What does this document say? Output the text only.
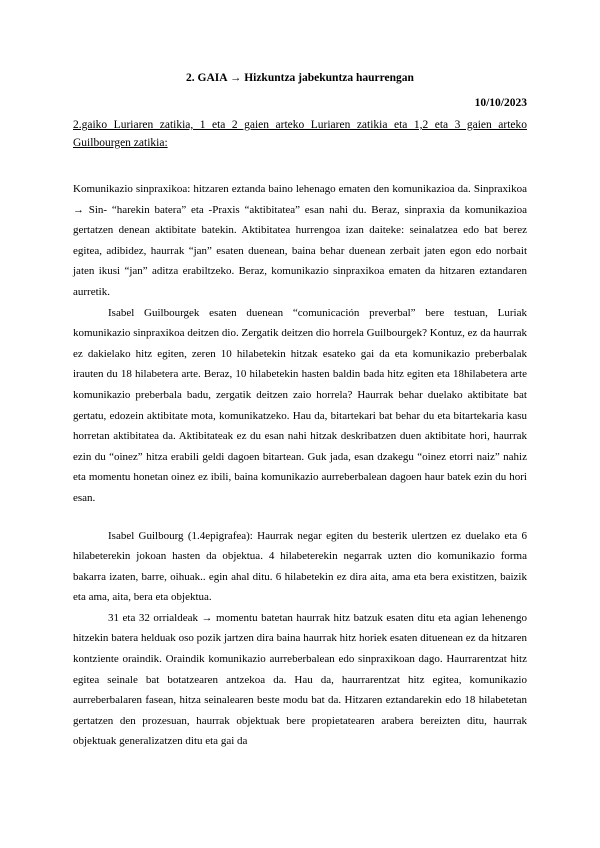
2. GAIA → Hizkuntza jabekuntza haurrengan

10/10/2023

2.gaiko Luriaren zatikia, 1 eta 2 gaien arteko Luriaren zatikia eta 1,2 eta 3 gaien arteko Guilbourgen zatikia:

Komunikazio sinpraxikoa: hitzaren eztanda baino lehenago ematen den komunikazioa da. Sinpraxikoa → Sin- “harekin batera” eta -Praxis “aktibitatea” esan nahi du. Beraz, sinpraxia da komunikazioa gertatzen denean aktibitate batekin. Aktibitatea hurrengoa izan daiteke: seinalatzea edo bat berez egitea, adibidez, haurrak “jan” esaten duenean, baina behar duenean zerbait jaten egon edo norbait jaten ikusi “jan” aditza erabiltzeko. Beraz, komunikazio sinpraxikoa ematen da hitzaren eztandaren aurretik.

Isabel Guilbourgek esaten duenean “comunicación preverbal” bere testuan, Luriak komunikazio sinpraxikoa deitzen dio. Zergatik deitzen dio horrela Guilbourgek? Kontuz, ez da haurrak ez dakielako hitz egiten, zeren 10 hilabetekin hitzak esateko gai da eta komunikazio preberbalak irauten du 18 hilabetera arte. Beraz, 10 hilabetekin hasten baldin bada hitz egiten eta 18hilabetera arte komunikazio preberbala badu, zergatik deitzen zaio horrela? Haurrak behar duelako aktibitate bat gertatu, edozein aktibitate mota, komunikatzeko. Hau da, bitartekari bat behar du eta bitartekaria kasu horretan aktibitatea da. Aktibitateak ez du esan nahi hitzak deskribatzen duen aktibitate hori, haurrak ezin du “oinez” hitza erabili geldi dagoen bitartean. Guk jada, esan dzakegu “oinez etorri naiz” nahiz eta momentu honetan oinez ez ibili, baina komunikazio aurreberbalean dagoen haur batek ezin du hori esan.

Isabel Guilbourg (1.4epigrafea): Haurrak negar egiten du besterik ulertzen ez duelako eta 6 hilabeterekin jokoan hasten da objektua. 4 hilabeterekin negarrak uzten dio komunikazio forma bakarra izaten, barre, oihuak.. egin ahal ditu. 6 hilabetekin ez dira aita, ama eta bera existitzen, baizik eta ama, aita, bera eta objektua.

31 eta 32 orrialdeak → momentu batetan haurrak hitz batzuk esaten ditu eta agian lehenengo hitzekin batera helduak oso pozik jartzen dira baina haurrak hitz horiek esaten dituenean ez da hitzaren kontziente oraindik. Oraindik komunikazio aurreberbalean edo sinpraxikoan dago. Haurrarentzat hitz egitea seinale bat botatzearen antzekoa da. Hau da, haurrarentzat hitz egitea, komunikazio aurreberbalaren fasean, hitza seinalearen beste modu bat da. Hitzaren eztandarekin edo 18 hilabetetan gertatzen den prozesuan, haurrak objektuak bere propietatearen arabera bereizten ditu, haurrak objektuak generalizatzen ditu eta gai da
